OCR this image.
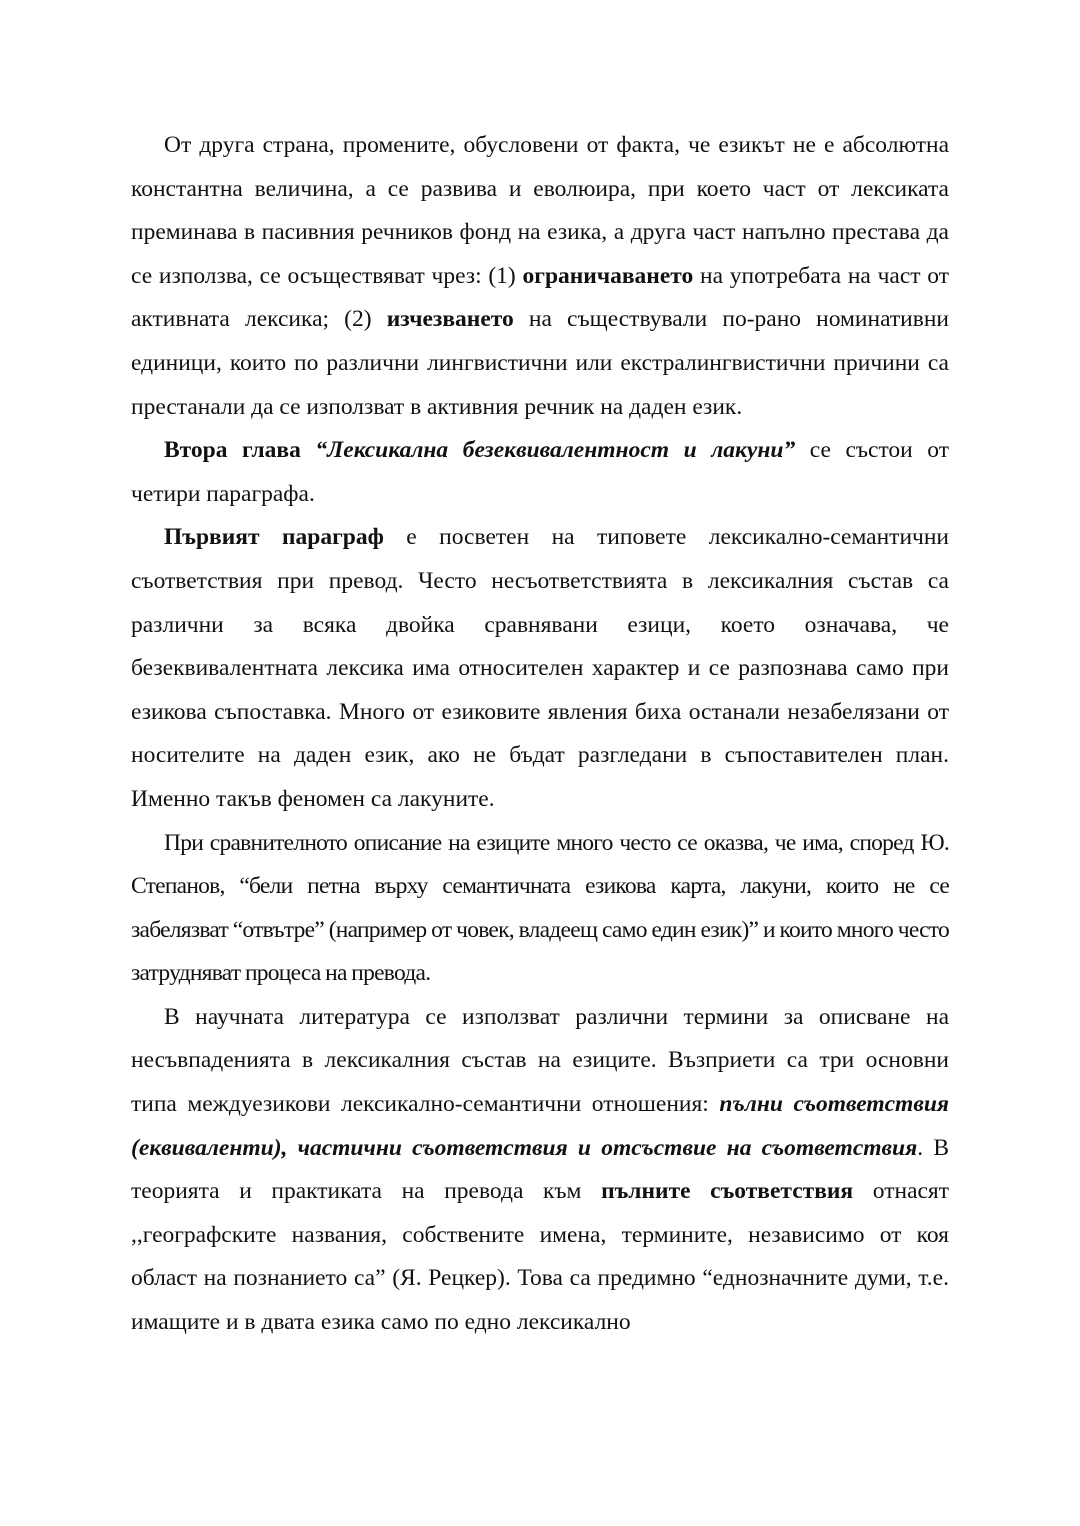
От друга страна, промените, обусловени от факта, че езикът не е абсолютна константна величина, а се развива и еволюира, при което част от лексиката преминава в пасивния речников фонд на езика, а друга част напълно престава да се използва, се осъществяват чрез: (1) ограничаването на употребата на част от активната лексика; (2) изчезването на съществували по-рано номинативни единици, които по различни лингвистични или екстралингвистични причини са престанали да се използват в активния речник на даден език.

Втора глава “Лексикална безеквивалентност и лакуни” се състои от четири параграфа.

Първият параграф е посветен на типовете лексикално-семантични съответствия при превод. Често несъответствията в лексикалния състав са различни за всяка двойка сравнявани езици, което означава, че безеквивалентната лексика има относителен характер и се разпознава само при езикова съпоставка. Много от езиковите явления биха останали незабелязани от носителите на даден език, ако не бъдат разгледани в съпоставителен план. Именно такъв феномен са лакуните.

При сравнителното описание на езиците много често се оказва, че има, според Ю. Степанов, “бели петна върху семантичната езикова карта, лакуни, които не се забелязват “отвътре” (например от човек, владеещ само един език)” и които много често затрудняват процеса на превода.

В научната литература се използват различни термини за описване на несъвпаденията в лексикалния състав на езиците. Възприети са три основни типа междуезикови лексикално-семантични отношения: пълни съответствия (еквиваленти), частични съответствия и отсъствие на съответствия. В теорията и практиката на превода към пълните съответствия отнасят ,,географските названия, собствените имена, термините, независимо от коя област на познанието са” (Я. Рецкер). Това са предимно “еднозначните думи, т.е. имащите и в двата езика само по едно лексикално
